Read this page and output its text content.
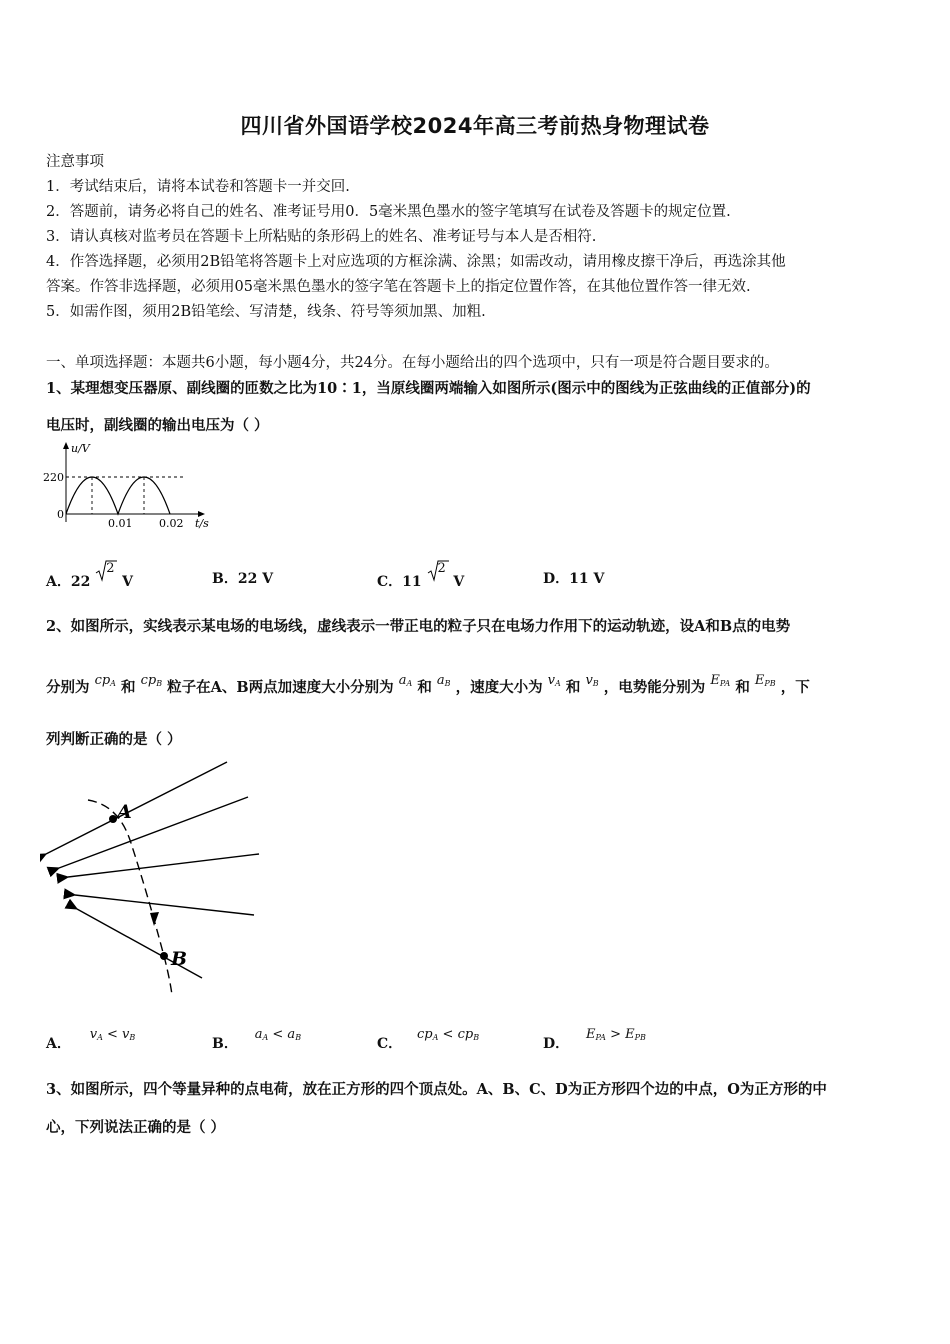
四川省外国语学校2024年高三考前热身物理试卷
注意事项
1．考试结束后，请将本试卷和答题卡一并交回.
2．答题前，请务必将自己的姓名、准考证号用0．5毫米黑色墨水的签字笔填写在试卷及答题卡的规定位置.
3．请认真核对监考员在答题卡上所粘贴的条形码上的姓名、准考证号与本人是否相符.
4．作答选择题，必须用2B铅笔将答题卡上对应选项的方框涂满、涂黑；如需改动，请用橡皮擦干净后，再选涂其他
答案。作答非选择题，必须用05毫米黑色墨水的签字笔在答题卡上的指定位置作答，在其他位置作答一律无效.
5．如需作图，须用2B铅笔绘、写清楚，线条、符号等须加黑、加粗.
一、单项选择题：本题共6小题，每小题4分，共24分。在每小题给出的四个选项中，只有一项是符合题目要求的。
1、某理想变压器原、副线圈的匝数之比为10∶1，当原线圈两端输入如图所示(图示中的图线为正弦曲线的正值部分)的
电压时，副线圈的输出电压为（ ）
u/V
220
0
0.01 0.02 t/s
A．22
2
V	B．22 V	C．11
2
V	D．11 V
2、如图所示，实线表示某电场的电场线，虚线表示一带正电的粒子只在电场力作用下的运动轨迹，设A和B点的电势
分别为 $cp_A$ 和 $cp_B$ 粒子在A、B两点加速度大小分别为 $a_A$ 和 $a_B$ ，速度大小为 $v_A$ 和 $v_B$ ，电势能分别为 $E_{PA}$ 和 $E_{PB}$ ，下
列判断正确的是（ ）
A
B
A． $v_A < v_B$	B． $a_A < a_B$	C． $cp_A < cp_B$	D． $E_{PA} > E_{PB}$
3、如图所示，四个等量异种的点电荷，放在正方形的四个顶点处。A、B、C、D为正方形四个边的中点，O为正方形的中
心，下列说法正确的是（ ）
